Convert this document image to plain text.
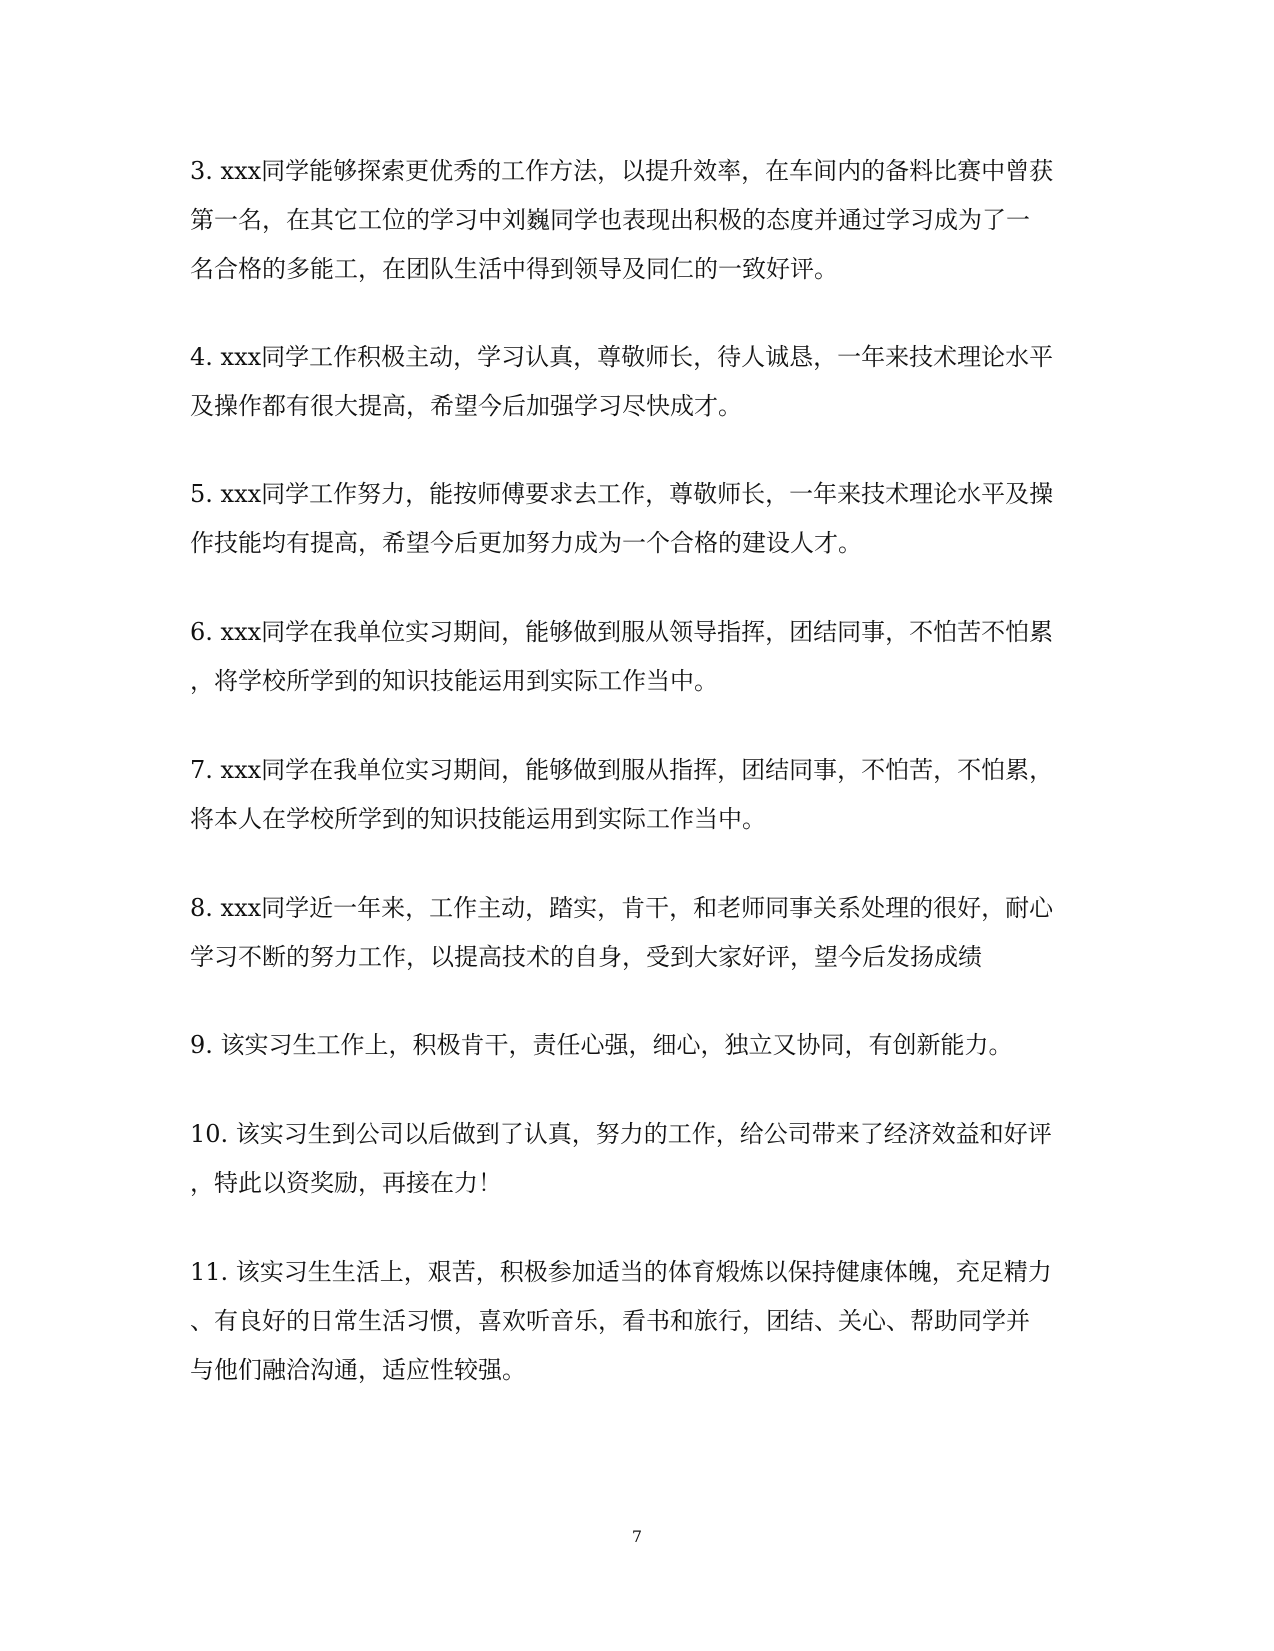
3. xxx同学能够探索更优秀的工作方法，以提升效率，在车间内的备料比赛中曾获
第一名，在其它工位的学习中刘巍同学也表现出积极的态度并通过学习成为了一
名合格的多能工，在团队生活中得到领导及同仁的一致好评。
4. xxx同学工作积极主动，学习认真，尊敬师长，待人诚恳，一年来技术理论水平
及操作都有很大提高，希望今后加强学习尽快成才。
5. xxx同学工作努力，能按师傅要求去工作，尊敬师长，一年来技术理论水平及操
作技能均有提高，希望今后更加努力成为一个合格的建设人才。
6. xxx同学在我单位实习期间，能够做到服从领导指挥，团结同事，不怕苦不怕累
，将学校所学到的知识技能运用到实际工作当中。
7. xxx同学在我单位实习期间，能够做到服从指挥，团结同事，不怕苦，不怕累，
将本人在学校所学到的知识技能运用到实际工作当中。
8. xxx同学近一年来，工作主动，踏实，肯干，和老师同事关系处理的很好，耐心
学习不断的努力工作，以提高技术的自身，受到大家好评，望今后发扬成绩
9. 该实习生工作上，积极肯干，责任心强，细心，独立又协同，有创新能力。
10. 该实习生到公司以后做到了认真，努力的工作，给公司带来了经济效益和好评
，特此以资奖励，再接在力！
11. 该实习生生活上，艰苦，积极参加适当的体育煅炼以保持健康体魄，充足精力
、有良好的日常生活习惯，喜欢听音乐，看书和旅行，团结、关心、帮助同学并
与他们融洽沟通，适应性较强。
7
